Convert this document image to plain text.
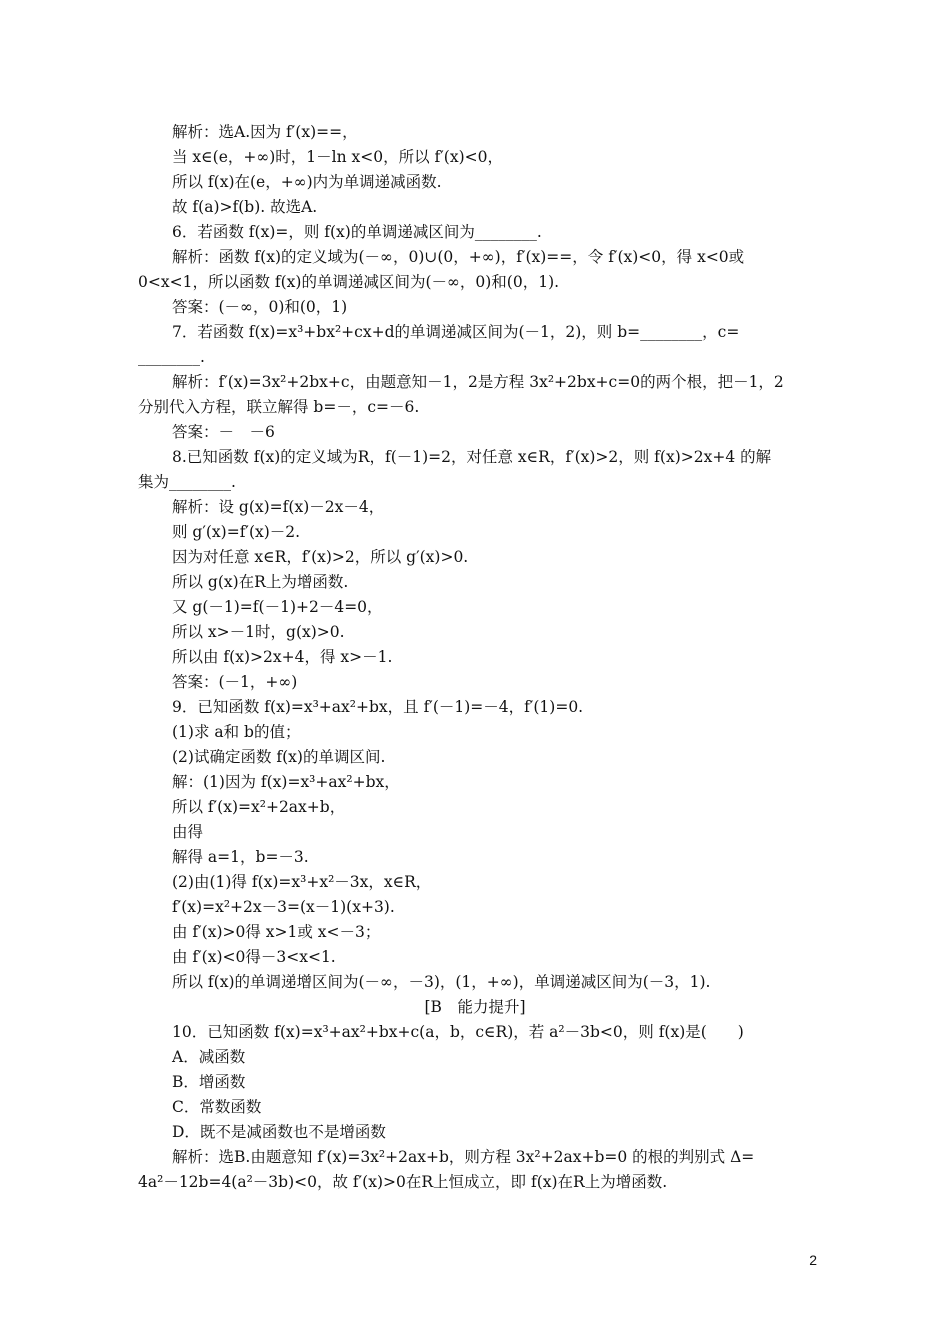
解析：选A.因为 f′(x)==，
当 x∈(e，+∞)时，1－ln x<0，所以 f′(x)<0，
所以 f(x)在(e，+∞)内为单调递减函数.
故 f(a)>f(b). 故选A.
6．若函数 f(x)=，则 f(x)的单调递减区间为________.
解析：函数 f(x)的定义域为(－∞，0)∪(0，+∞)，f′(x)==，令 f′(x)<0，得 x<0或
0<x<1，所以函数 f(x)的单调递减区间为(－∞，0)和(0，1).
答案：(－∞，0)和(0，1)
7．若函数 f(x)=x³+bx²+cx+d的单调递减区间为(－1，2)，则 b=________，c=
________.
解析：f′(x)=3x²+2bx+c，由题意知－1，2是方程 3x²+2bx+c=0的两个根，把－1，2
分别代入方程，联立解得 b=－，c=－6.
答案：－　－6
8.已知函数 f(x)的定义域为R，f(－1)=2，对任意 x∈R，f′(x)>2，则 f(x)>2x+4 的解
集为________.
解析：设 g(x)=f(x)－2x－4，
则 g′(x)=f′(x)－2.
因为对任意 x∈R，f′(x)>2，所以 g′(x)>0.
所以 g(x)在R上为增函数.
又 g(－1)=f(－1)+2－4=0，
所以 x>－1时，g(x)>0.
所以由 f(x)>2x+4，得 x>－1.
答案：(－1，+∞)
9．已知函数 f(x)=x³+ax²+bx，且 f′(－1)=－4，f′(1)=0.
(1)求 a和 b的值；
(2)试确定函数 f(x)的单调区间.
解：(1)因为 f(x)=x³+ax²+bx，
所以 f′(x)=x²+2ax+b，
由得
解得 a=1，b=－3.
(2)由(1)得 f(x)=x³+x²－3x，x∈R，
f′(x)=x²+2x－3=(x－1)(x+3).
由 f′(x)>0得 x>1或 x<－3；
由 f′(x)<0得－3<x<1.
所以 f(x)的单调递增区间为(－∞，－3)，(1，+∞)，单调递减区间为(－3，1).
[B　能力提升]
10．已知函数 f(x)=x³+ax²+bx+c(a，b，c∈R)，若 a²－3b<0，则 f(x)是(　　)
A．减函数
B．增函数
C．常数函数
D．既不是减函数也不是增函数
解析：选B.由题意知 f′(x)=3x²+2ax+b，则方程 3x²+2ax+b=0 的根的判别式 Δ=
4a²－12b=4(a²－3b)<0，故 f′(x)>0在R上恒成立，即 f(x)在R上为增函数.
2
